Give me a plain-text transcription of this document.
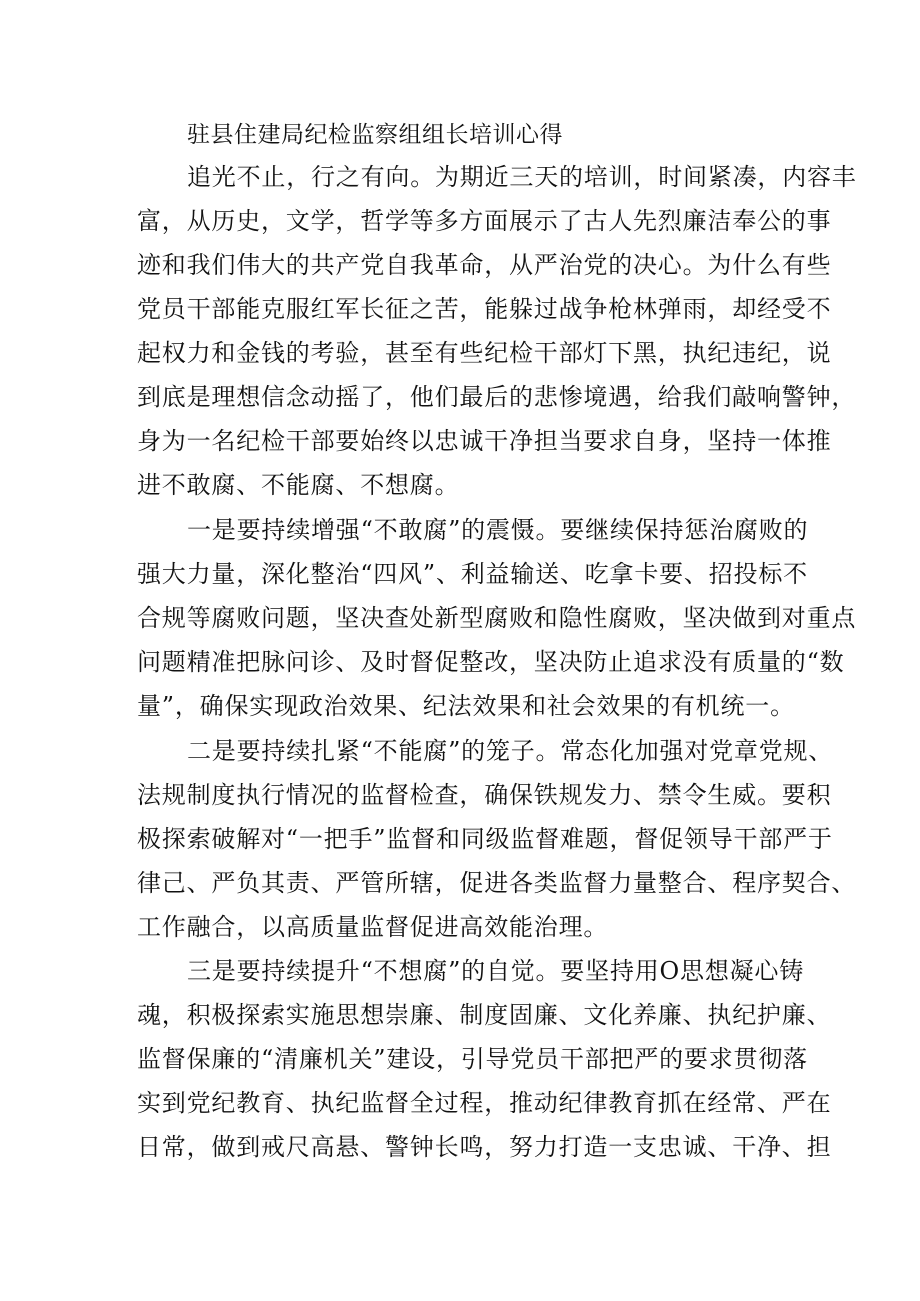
驻县住建局纪检监察组组长培训心得
追光不止，行之有向。为期近三天的培训，时间紧凑，内容丰
富，从历史，文学，哲学等多方面展示了古人先烈廉洁奉公的事
迹和我们伟大的共产党自我革命，从严治党的决心。为什么有些
党员干部能克服红军长征之苦，能躲过战争枪林弹雨，却经受不
起权力和金钱的考验，甚至有些纪检干部灯下黑，执纪违纪，说
到底是理想信念动摇了，他们最后的悲惨境遇，给我们敲响警钟，
身为一名纪检干部要始终以忠诚干净担当要求自身，坚持一体推
进不敢腐、不能腐、不想腐。
一是要持续增强“不敢腐”的震慑。要继续保持惩治腐败的
强大力量，深化整治“四风”、利益输送、吃拿卡要、招投标不
合规等腐败问题，坚决查处新型腐败和隐性腐败，坚决做到对重点
问题精准把脉问诊、及时督促整改，坚决防止追求没有质量的“数
量”，确保实现政治效果、纪法效果和社会效果的有机统一。
二是要持续扎紧“不能腐”的笼子。常态化加强对党章党规、
法规制度执行情况的监督检查，确保铁规发力、禁令生威。要积
极探索破解对“一把手”监督和同级监督难题，督促领导干部严于
律己、严负其责、严管所辖，促进各类监督力量整合、程序契合、
工作融合，以高质量监督促进高效能治理。
三是要持续提升“不想腐”的自觉。要坚持用O思想凝心铸
魂，积极探索实施思想崇廉、制度固廉、文化养廉、执纪护廉、
监督保廉的“清廉机关”建设，引导党员干部把严的要求贯彻落
实到党纪教育、执纪监督全过程，推动纪律教育抓在经常、严在
日常，做到戒尺高悬、警钟长鸣，努力打造一支忠诚、干净、担
